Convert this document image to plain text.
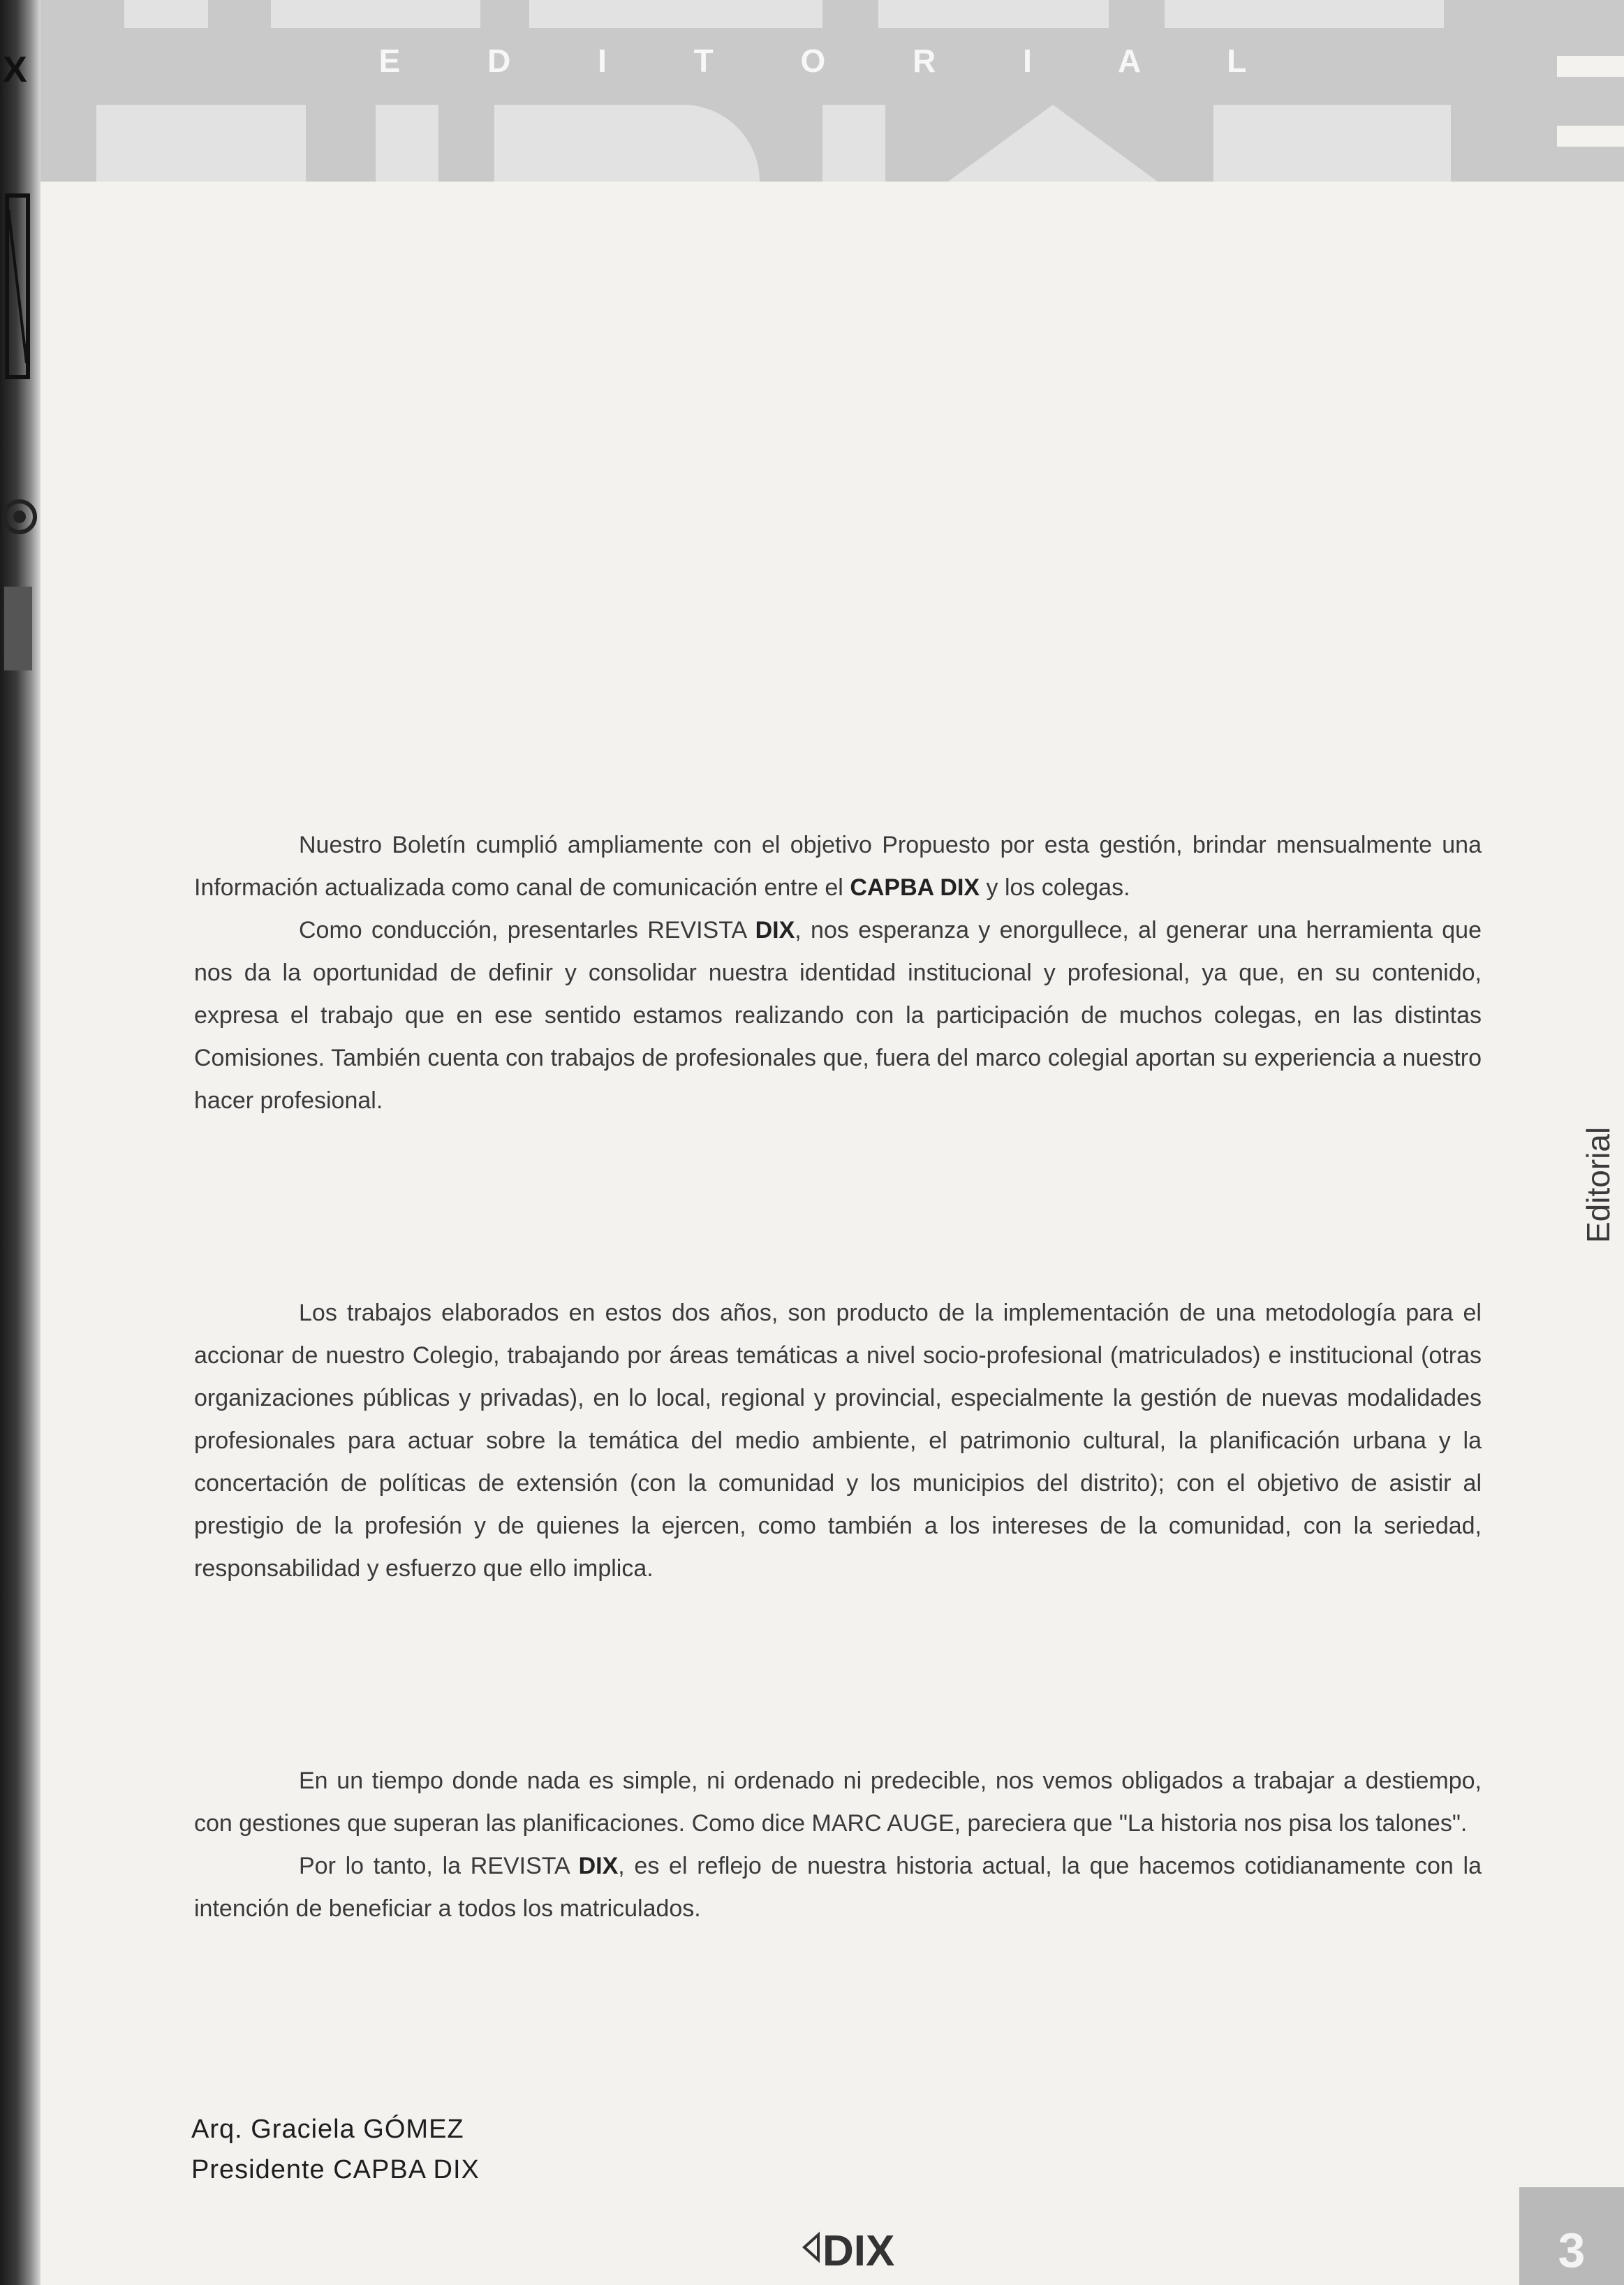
X	E D I T O R I A L
Editorial

Nuestro Boletín cumplió ampliamente con el objetivo Propuesto por esta gestión, brindar mensualmente una Información actualizada como canal de comunicación entre el CAPBA DIX y los colegas.

Como conducción, presentarles REVISTA DIX, nos esperanza y enorgullece, al generar una herramienta que nos da la oportunidad de definir y consolidar nuestra identidad institucional y profesional, ya que, en su contenido, expresa el trabajo que en ese sentido estamos realizando con la participación de muchos colegas, en las distintas Comisiones. También cuenta con trabajos de profesionales que, fuera del marco colegial aportan su experiencia a nuestro hacer profesional.

Los trabajos elaborados en estos dos años, son producto de la implementación de una metodología para el accionar de nuestro Colegio, trabajando por áreas temáticas a nivel socio-profesional (matriculados) e institucional (otras organizaciones públicas y privadas), en lo local, regional y provincial, especialmente la gestión de nuevas modalidades profesionales para actuar sobre la temática del medio ambiente, el patrimonio cultural, la planificación urbana y la concertación de políticas de extensión (con la comunidad y los municipios del distrito); con el objetivo de asistir al prestigio de la profesión y de quienes la ejercen, como también a los intereses de la comunidad, con la seriedad, responsabilidad y esfuerzo que ello implica.

En un tiempo donde nada es simple, ni ordenado ni predecible, nos vemos obligados a trabajar a destiempo, con gestiones que superan las planificaciones. Como dice MARC AUGE, pareciera que "La historia nos pisa los talones".

Por lo tanto, la REVISTA DIX, es el reflejo de nuestra historia actual, la que hacemos cotidianamente con la intención de beneficiar a todos los matriculados.

Arq. Graciela GÓMEZ
Presidente CAPBA DIX
DIX	3
